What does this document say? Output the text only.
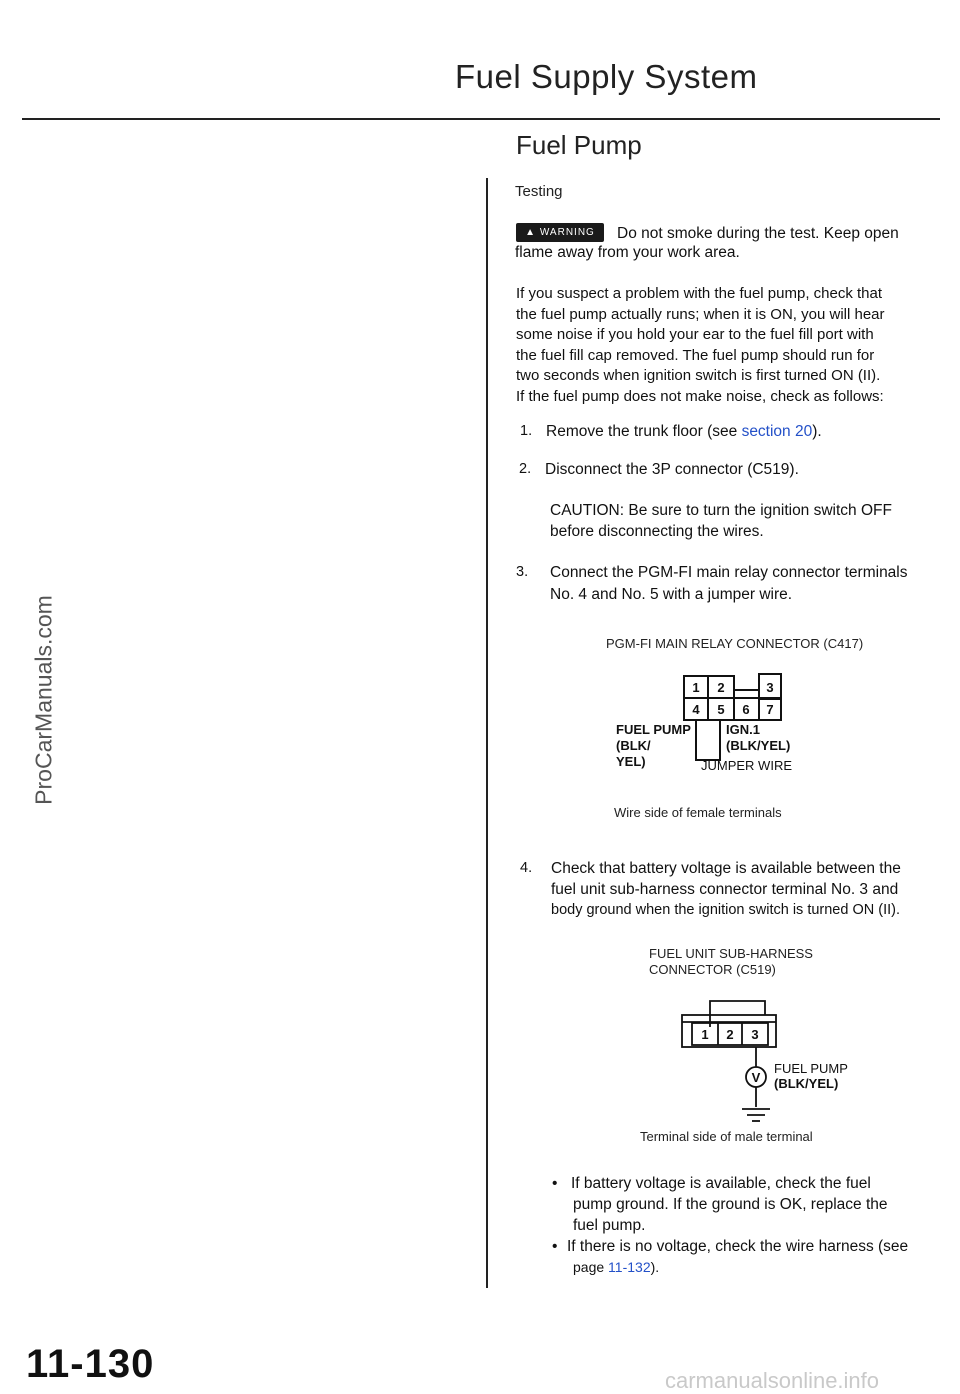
Fuel Supply System
Fuel Pump
ProCarManuals.com
Testing
▲ WARNING	Do not smoke during the test. Keep open
flame away from your work area.
If you suspect a problem with the fuel pump, check that
the fuel pump actually runs; when it is ON, you will hear
some noise if you hold your ear to the fuel fill port with
the fuel fill cap removed. The fuel pump should run for
two seconds when ignition switch is first turned ON (II).
If the fuel pump does not make noise, check as follows:
1. Remove the trunk floor (see section 20).
2. Disconnect the 3P connector (C519).
CAUTION: Be sure to turn the ignition switch OFF
before disconnecting the wires.
3. Connect the PGM-FI main relay connector terminals
No. 4 and No. 5 with a jumper wire.
PGM-FI MAIN RELAY CONNECTOR (C417)
1 2	3
4 5 6 7
FUEL PUMP
(BLK/
YEL)
IGN.1
(BLK/YEL)
JUMPER WIRE
Wire side of female terminals
4. Check that battery voltage is available between the
fuel unit sub-harness connector terminal No. 3 and
body ground when the ignition switch is turned ON (II).
FUEL UNIT SUB-HARNESS
CONNECTOR (C519)
1 2 3
V
FUEL PUMP
(BLK/YEL)
Terminal side of male terminal
• If battery voltage is available, check the fuel
pump ground. If the ground is OK, replace the
fuel pump.
• If there is no voltage, check the wire harness (see
page 11-132).
11-130	carmanualsonline.info
